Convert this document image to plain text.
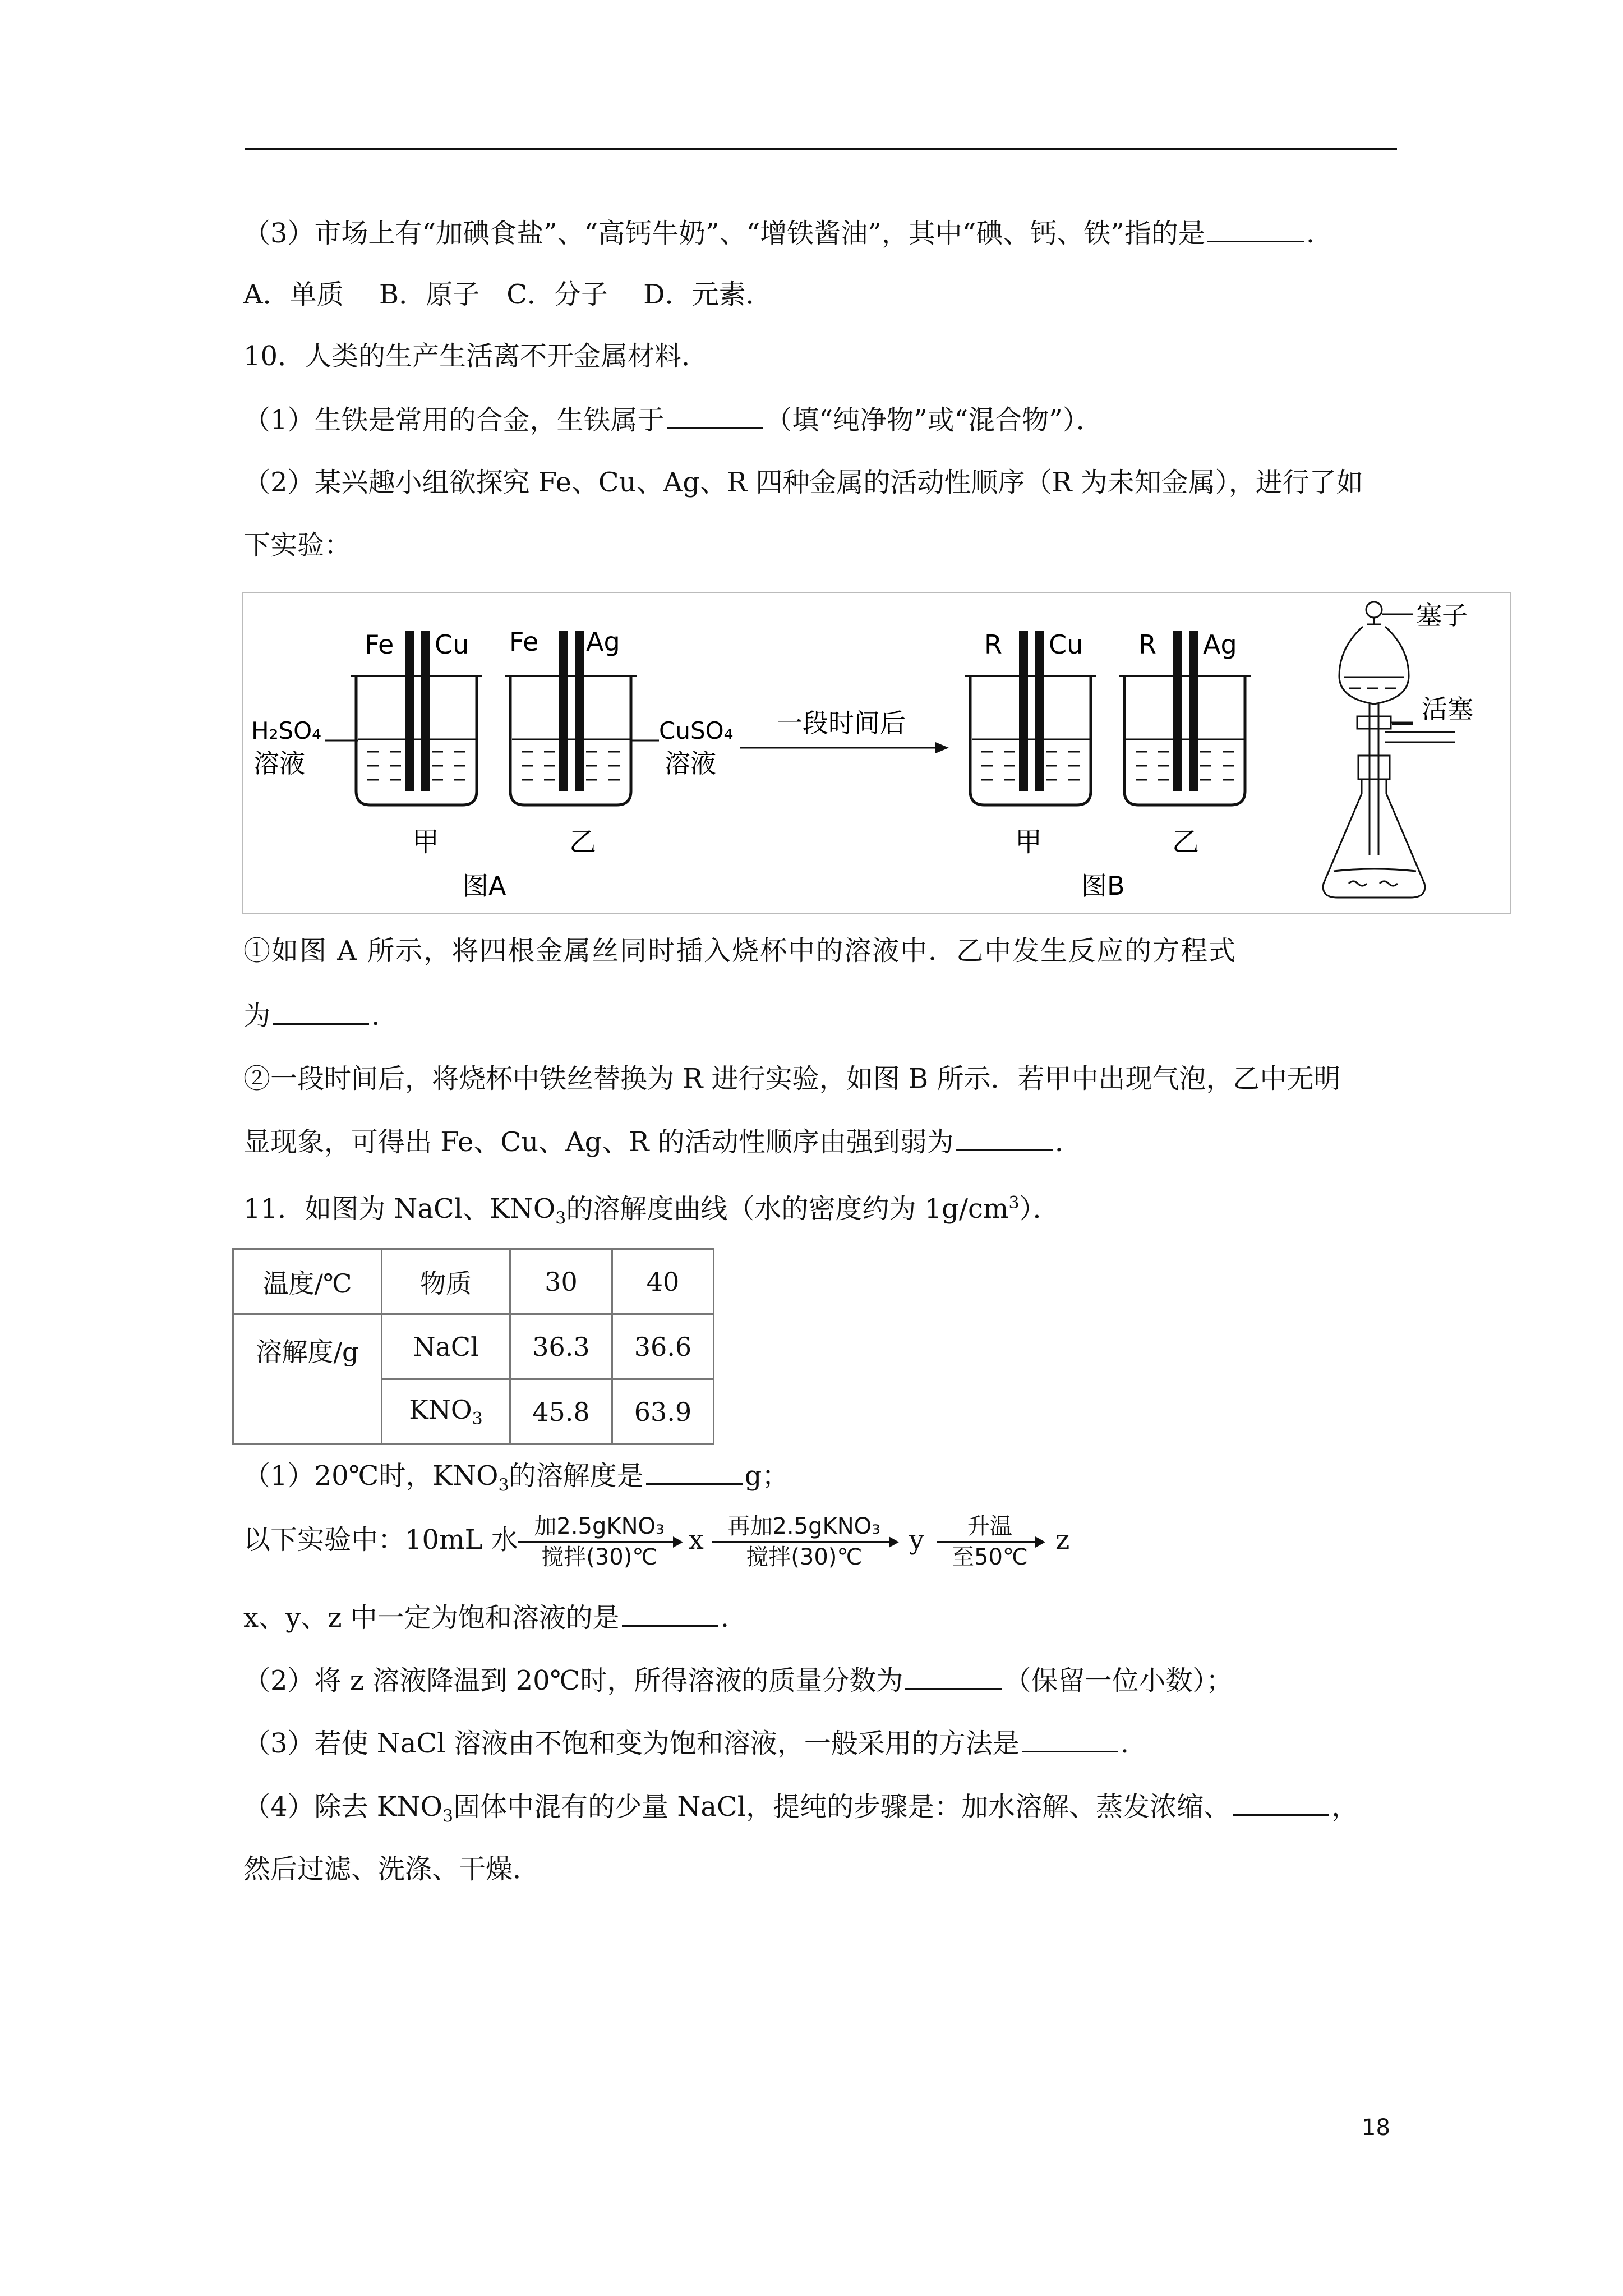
（3）市场上有“加碘食盐”、“高钙牛奶”、“增铁酱油”，其中“碘、钙、铁”指的是	.
A．单质　 B．原子　C．分子　 D．元素．
10．人类的生产生活离不开金属材料．
（1）生铁是常用的合金，生铁属于	（填“纯净物”或“混合物”）．
（2）某兴趣小组欲探究 Fe、Cu、Ag、R 四种金属的活动性顺序（R 为未知金属），进行了如
下实验：
Fe Cu Fe Ag
H₂SO₄
溶液
CuSO₄
溶液
甲	乙
图A
一段时间后
R Cu R Ag
甲	乙
图B
塞子
活塞
①如图 A 所示，将四根金属丝同时插入烧杯中的溶液中．乙中发生反应的方程式
为	.
②一段时间后，将烧杯中铁丝替换为 R 进行实验，如图 B 所示．若甲中出现气泡，乙中无明
显现象，可得出 Fe、Cu、Ag、R 的活动性顺序由强到弱为	.
11．如图为 NaCl、$KNO_3$的溶解度曲线（水的密度约为 $1g/cm^3$）．
温度/℃	物质	30	40
溶解度/g	NaCl	36.3	36.6
	$KNO_3$	45.8	63.9
（1）20℃时，$KNO_3$的溶解度是	g；
以下实验中：10mL 水 加2.5gKNO₃
搅拌(30)℃
x	再加2.5gKNO₃
搅拌(30)℃
y	升温
至50℃
z
x、y、z 中一定为饱和溶液的是	.
（2）将 z 溶液降温到 20℃时，所得溶液的质量分数为	（保留一位小数）；
（3）若使 NaCl 溶液由不饱和变为饱和溶液，一般采用的方法是	.
（4）除去 $KNO_3$固体中混有的少量 NaCl，提纯的步骤是：加水溶解、蒸发浓缩、	，
然后过滤、洗涤、干燥．
18
